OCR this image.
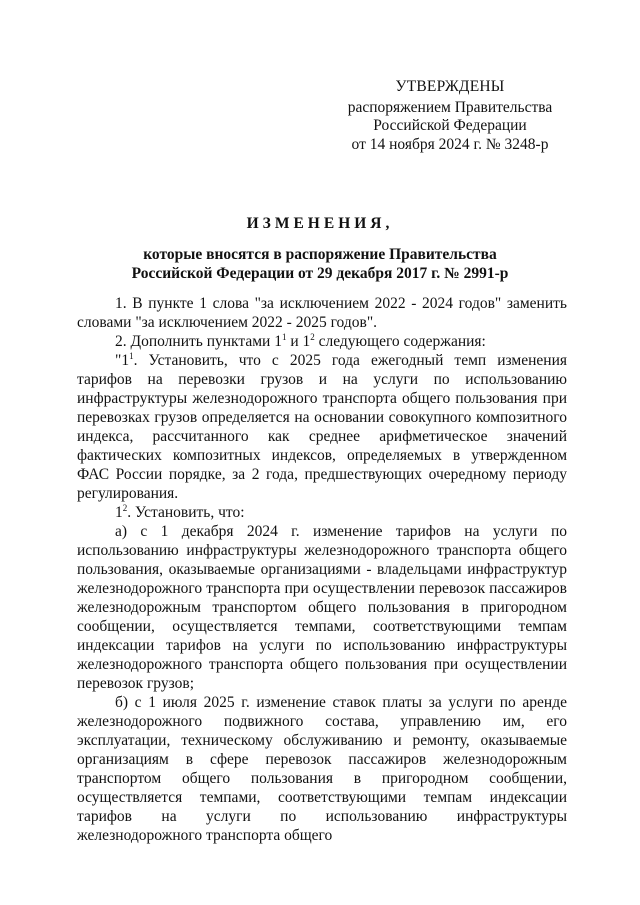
УТВЕРЖДЕНЫ
распоряжением Правительства
Российской Федерации
от 14 ноября 2024 г. № 3248-р
ИЗМЕНЕНИЯ,
которые вносятся в распоряжение Правительства
Российской Федерации от 29 декабря 2017 г. № 2991-р

1. В пункте 1 слова "за исключением 2022 - 2024 годов" заменить словами "за исключением 2022 - 2025 годов".

2. Дополнить пунктами $1^1$ и $1^2$ следующего содержания:

"$1^1$. Установить, что с 2025 года ежегодный темп изменения тарифов на перевозки грузов и на услуги по использованию инфраструктуры железнодорожного транспорта общего пользования при перевозках грузов определяется на основании совокупного композитного индекса, рассчитанного как среднее арифметическое значений фактических композитных индексов, определяемых в утвержденном ФАС России порядке, за 2 года, предшествующих очередному периоду регулирования.

$1^2$. Установить, что:

а) с 1 декабря 2024 г. изменение тарифов на услуги по использованию инфраструктуры железнодорожного транспорта общего пользования, оказываемые организациями - владельцами инфраструктур железнодорожного транспорта при осуществлении перевозок пассажиров железнодорожным транспортом общего пользования в пригородном сообщении, осуществляется темпами, соответствующими темпам индексации тарифов на услуги по использованию инфраструктуры железнодорожного транспорта общего пользования при осуществлении перевозок грузов;

б) с 1 июля 2025 г. изменение ставок платы за услуги по аренде железнодорожного подвижного состава, управлению им, его эксплуатации, техническому обслуживанию и ремонту, оказываемые организациям в сфере перевозок пассажиров железнодорожным транспортом общего пользования в пригородном сообщении, осуществляется темпами, соответствующими темпам индексации тарифов на услуги по использованию инфраструктуры железнодорожного транспорта общего
